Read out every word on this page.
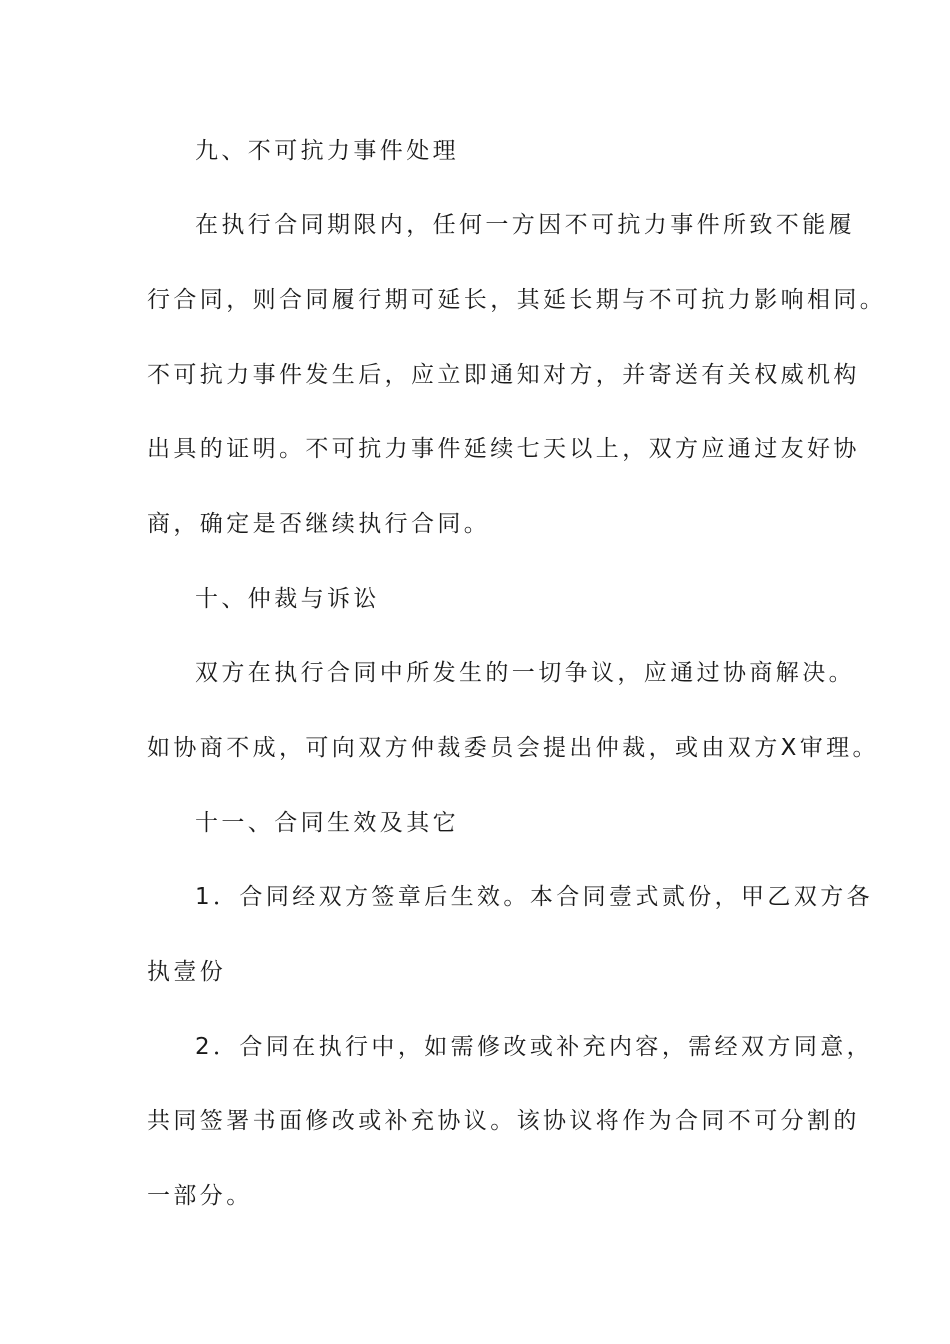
九、不可抗力事件处理

在执行合同期限内，任何一方因不可抗力事件所致不能履

行合同，则合同履行期可延长，其延长期与不可抗力影响相同。

不可抗力事件发生后，应立即通知对方，并寄送有关权威机构

出具的证明。不可抗力事件延续七天以上，双方应通过友好协

商，确定是否继续执行合同。

十、仲裁与诉讼

双方在执行合同中所发生的一切争议，应通过协商解决。

如协商不成，可向双方仲裁委员会提出仲裁，或由双方X审理。

十一、合同生效及其它

1．合同经双方签章后生效。本合同壹式贰份，甲乙双方各

执壹份

2．合同在执行中，如需修改或补充内容，需经双方同意，

共同签署书面修改或补充协议。该协议将作为合同不可分割的

一部分。
